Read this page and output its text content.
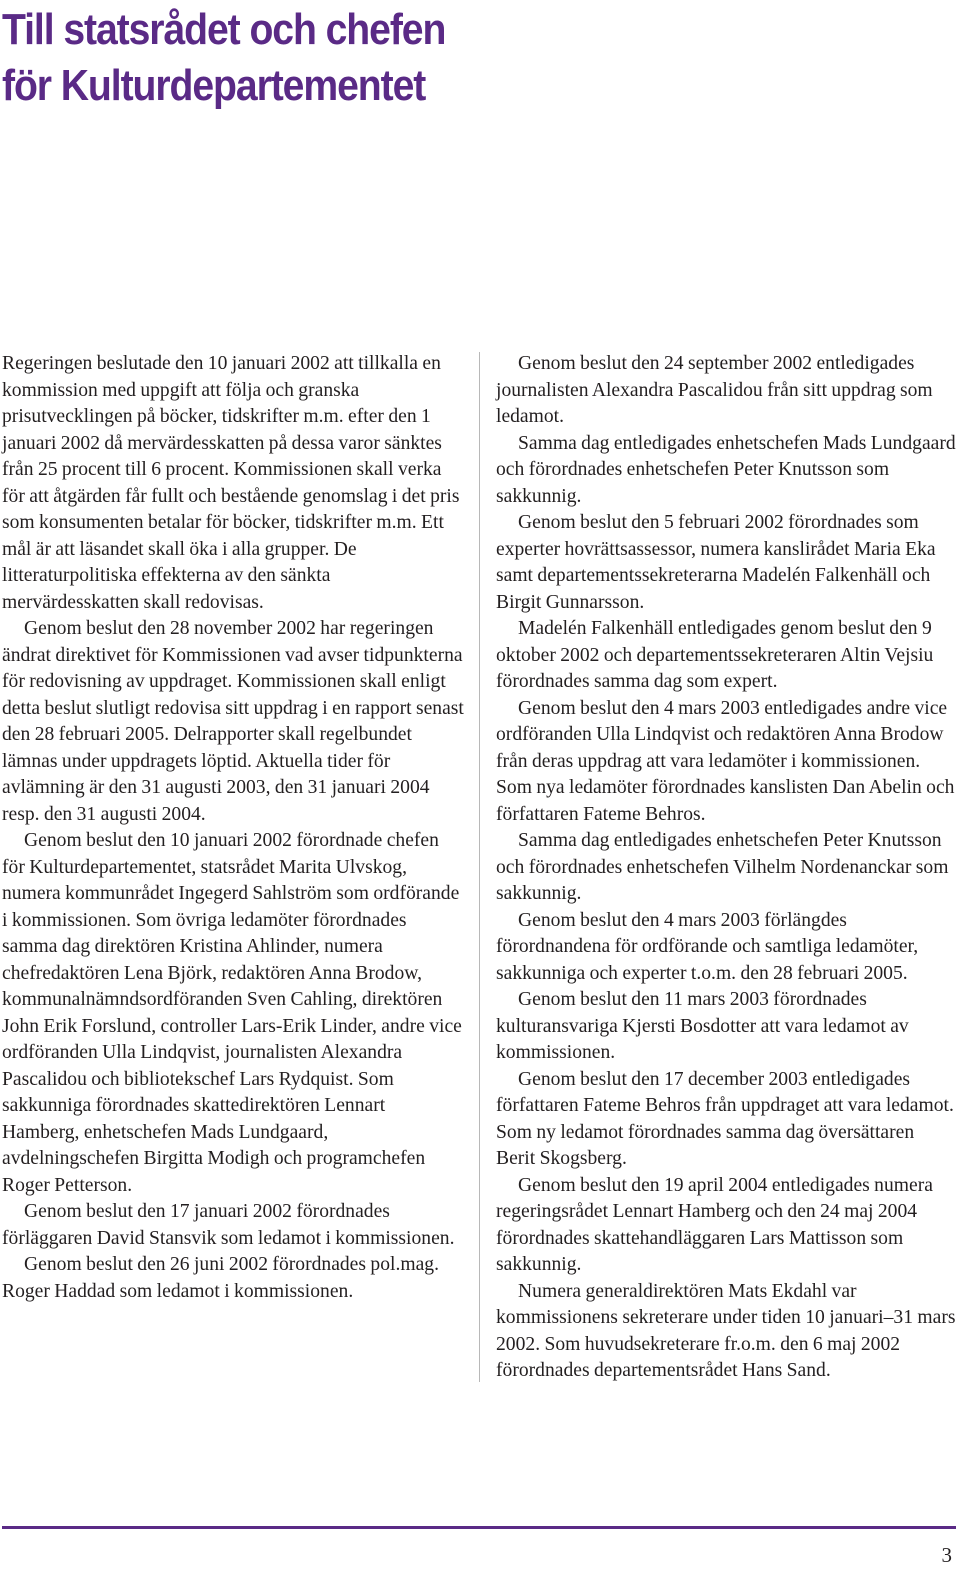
Till statsrådet och chefen
för Kulturdepartementet

Regeringen beslutade den 10 januari 2002 att tillkalla en kommission med uppgift att följa och granska prisutvecklingen på böcker, tidskrifter m.m. efter den 1 januari 2002 då mervärdesskatten på dessa varor sänktes från 25 procent till 6 procent. Kommissionen skall verka för att åtgärden får fullt och bestående genomslag i det pris som konsumenten betalar för böcker, tidskrifter m.m. Ett mål är att läsandet skall öka i alla grupper. De litteraturpolitiska effekterna av den sänkta mervärdesskatten skall redovisas.

Genom beslut den 28 november 2002 har regeringen ändrat direktivet för Kommissionen vad avser tidpunkterna för redovisning av uppdraget. Kommissionen skall enligt detta beslut slutligt redovisa sitt uppdrag i en rapport senast den 28 februari 2005. Delrapporter skall regelbundet lämnas under uppdragets löptid. Aktuella tider för avlämning är den 31 augusti 2003, den 31 januari 2004 resp. den 31 augusti 2004.

Genom beslut den 10 januari 2002 förordnade chefen för Kulturdepartementet, statsrådet Marita Ulvskog, numera kommunrådet Ingegerd Sahlström som ordförande i kommissionen. Som övriga ledamöter förordnades samma dag direktören Kristina Ahlinder, numera chefredaktören Lena Björk, redaktören Anna Brodow, kommunalnämndsordföranden Sven Cahling, direktören John Erik Forslund, controller Lars-Erik Linder, andre vice ordföranden Ulla Lindqvist, journalisten Alexandra Pascalidou och bibliotekschef Lars Rydquist. Som sakkunniga förordnades skattedirektören Lennart Hamberg, enhetschefen Mads Lundgaard, avdelningschefen Birgitta Modigh och programchefen Roger Petterson.

Genom beslut den 17 januari 2002 förordnades förläggaren David Stansvik som ledamot i kommissionen.

Genom beslut den 26 juni 2002 förordnades pol.mag. Roger Haddad som ledamot i kommissionen.

Genom beslut den 24 september 2002 entledigades journalisten Alexandra Pascalidou från sitt uppdrag som ledamot.

Samma dag entledigades enhetschefen Mads Lundgaard och förordnades enhetschefen Peter Knutsson som sakkunnig.

Genom beslut den 5 februari 2002 förordnades som experter hovrättsassessor, numera kanslirådet Maria Eka samt departementssekreterarna Madelén Falkenhäll och Birgit Gunnarsson.

Madelén Falkenhäll entledigades genom beslut den 9 oktober 2002 och departementssekreteraren Altin Vejsiu förordnades samma dag som expert.

Genom beslut den 4 mars 2003 entledigades andre vice ordföranden Ulla Lindqvist och redaktören Anna Brodow från deras uppdrag att vara ledamöter i kommissionen. Som nya ledamöter förordnades kanslisten Dan Abelin och författaren Fateme Behros.

Samma dag entledigades enhetschefen Peter Knutsson och förordnades enhetschefen Vilhelm Nordenanckar som sakkunnig.

Genom beslut den 4 mars 2003 förlängdes förordnandena för ordförande och samtliga ledamöter, sakkunniga och experter t.o.m. den 28 februari 2005.

Genom beslut den 11 mars 2003 förordnades kulturansvariga Kjersti Bosdotter att vara ledamot av kommissionen.

Genom beslut den 17 december 2003 entledigades författaren Fateme Behros från uppdraget att vara ledamot. Som ny ledamot förordnades samma dag översättaren Berit Skogsberg.

Genom beslut den 19 april 2004 entledigades numera regeringsrådet Lennart Hamberg och den 24 maj 2004 förordnades skattehandläggaren Lars Mattisson som sakkunnig.

Numera generaldirektören Mats Ekdahl var kommissionens sekreterare under tiden 10 januari–31 mars 2002. Som huvudsekreterare fr.o.m. den 6 maj 2002 förordnades departementsrådet Hans Sand.

3
